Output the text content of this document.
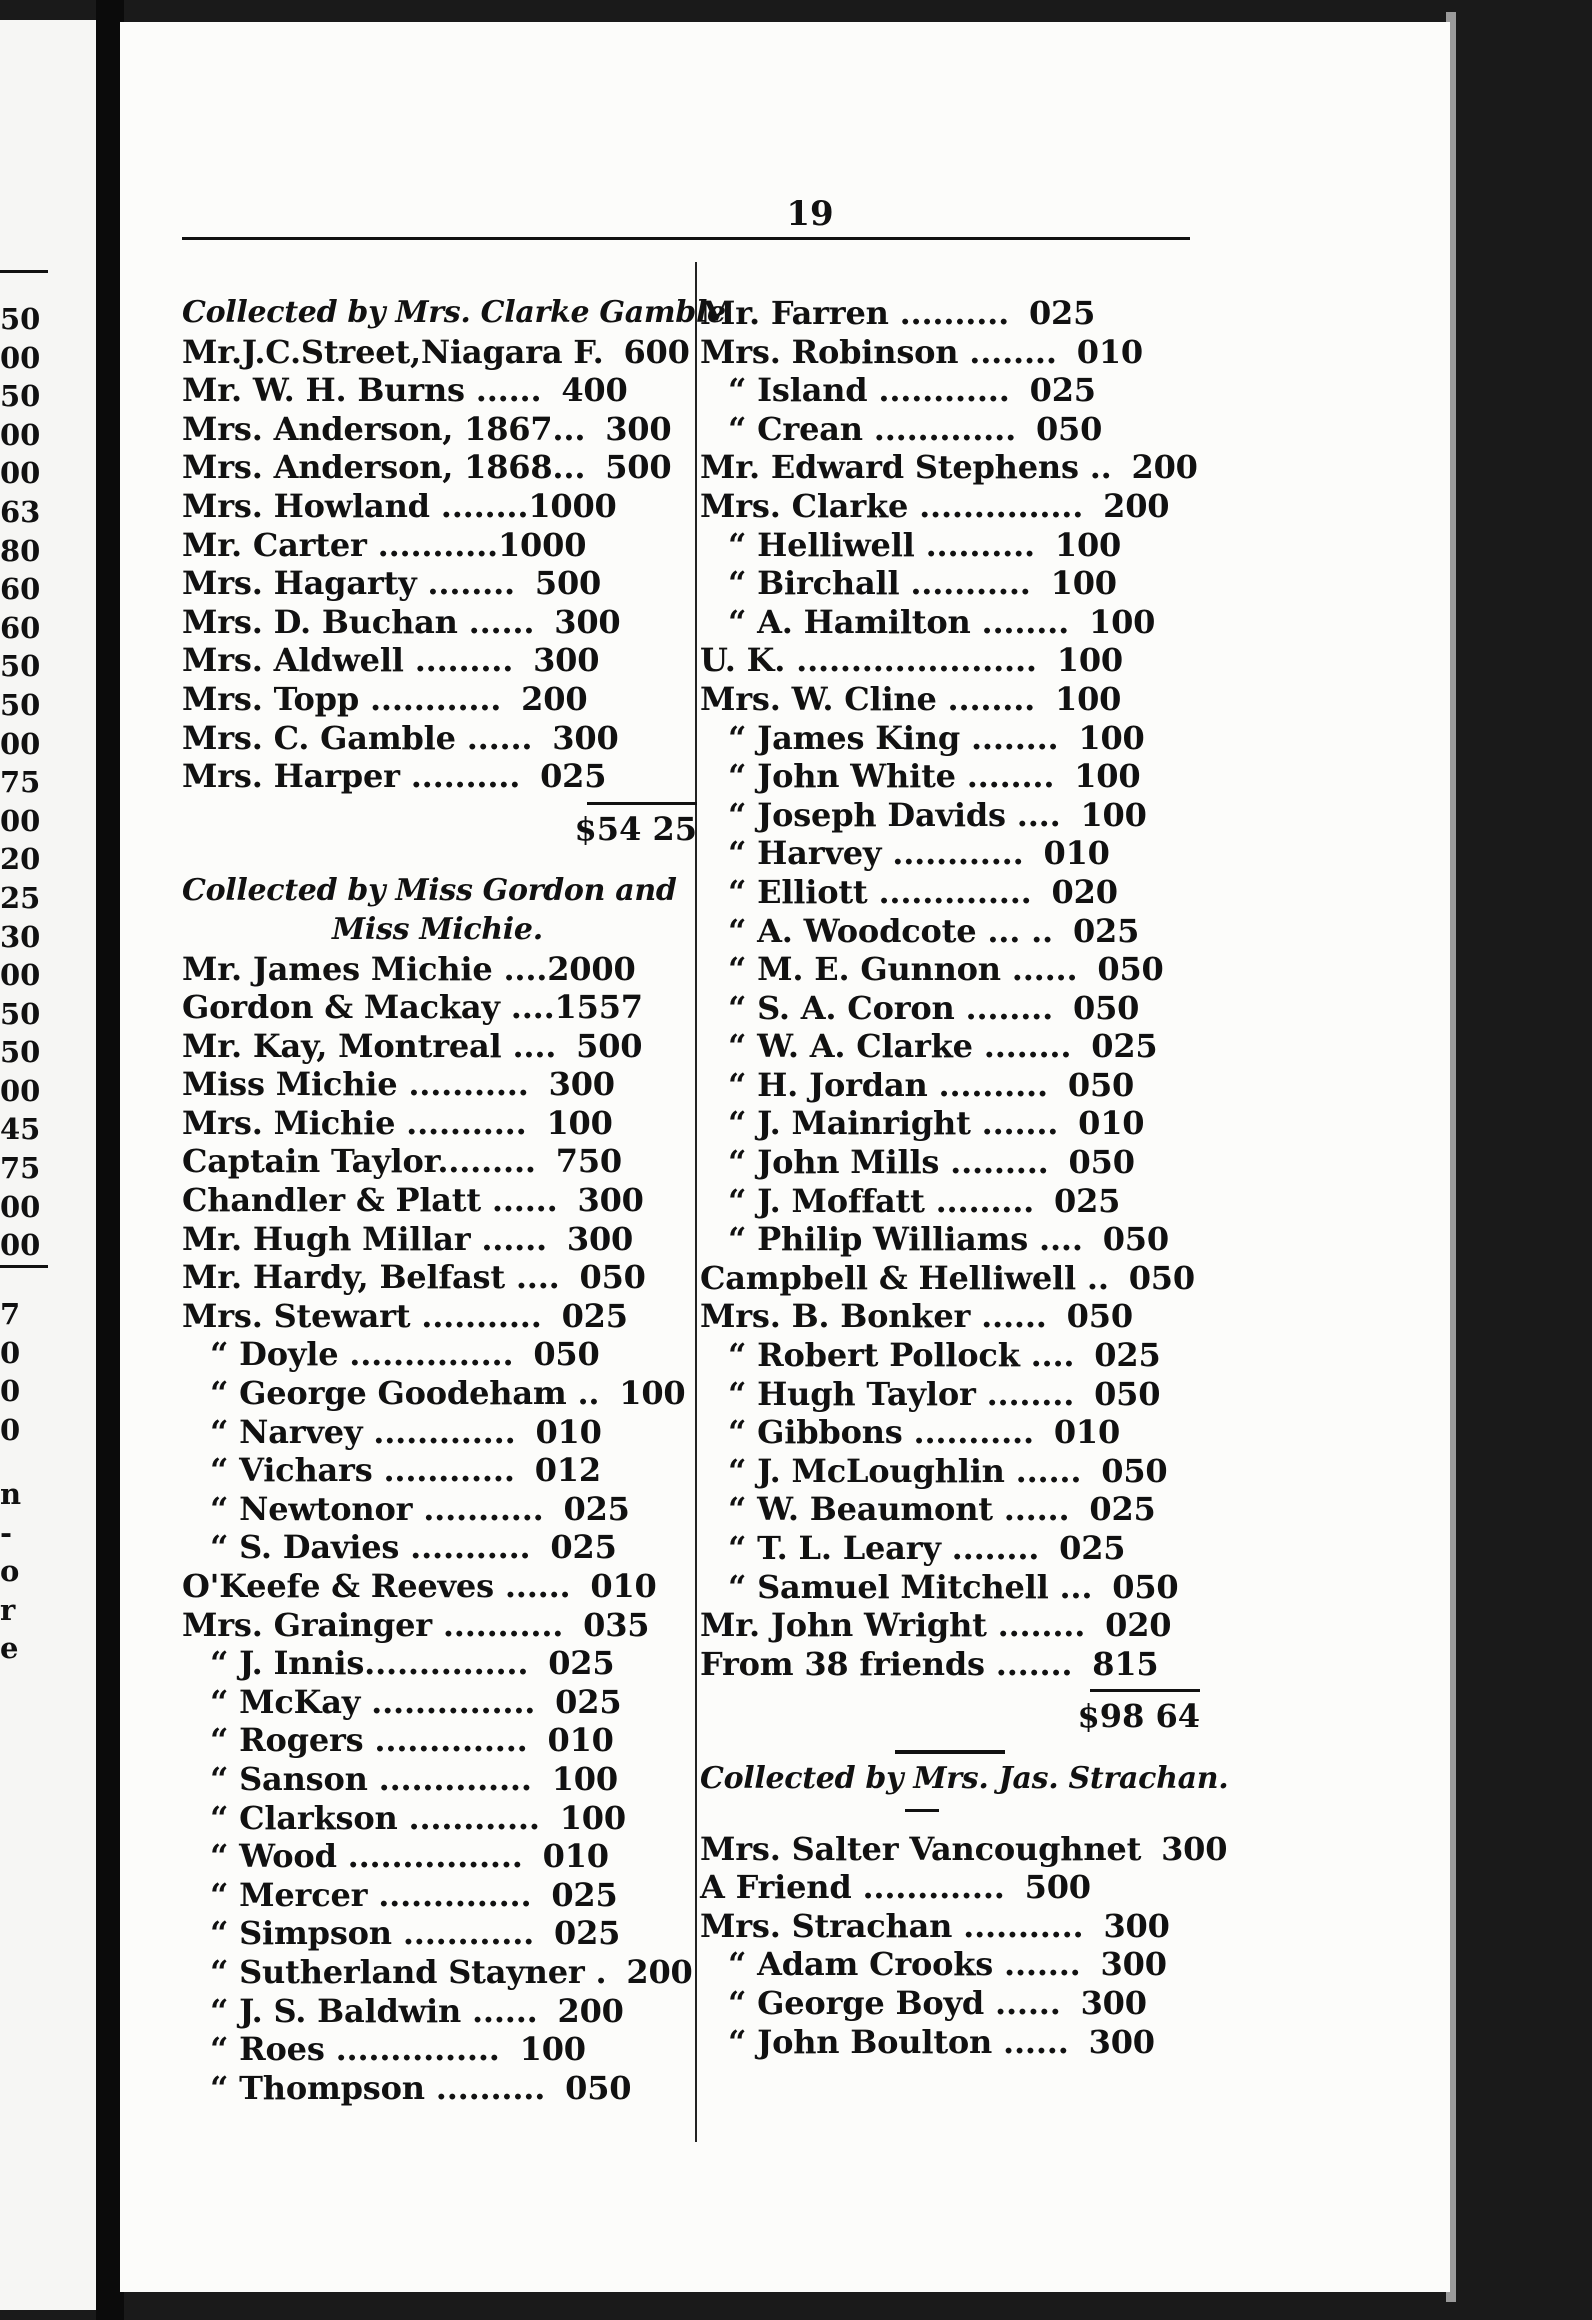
50
00
50
00
00
63
80
60
60
50
50
00
75
00
20
25
30
00
50
50
00
45
75
00
00
7
0
0
0
n
-
o
r
e
19
Collected by Mrs. Clarke Gamble
Mr.J.C.Street,Niagara F. 6 00
Mr. W. H. Burns ...... 4 00
Mrs. Anderson, 1867... 3 00
Mrs. Anderson, 1868... 5 00
Mrs. Howland ........ 10 00
Mr. Carter ........... 10 00
Mrs. Hagarty ........ 5 00
Mrs. D. Buchan ...... 3 00
Mrs. Aldwell ......... 3 00
Mrs. Topp ............ 2 00
Mrs. C. Gamble ...... 3 00
Mrs. Harper .......... 0 25
$54 25
Collected by Miss Gordon and
Miss Michie.
Mr. James Michie .... 20 00
Gordon & Mackay .... 15 57
Mr. Kay, Montreal .... 5 00
Miss Michie ........... 3 00
Mrs. Michie ........... 1 00
Captain Taylor......... 7 50
Chandler & Platt ...... 3 00
Mr. Hugh Millar ...... 3 00
Mr. Hardy, Belfast .... 0 50
Mrs. Stewart ........... 0 25
“ Doyle ............... 0 50
“ George Goodeham .. 1 00
“ Narvey ............. 0 10
“ Vichars ............ 0 12
“ Newtonor ........... 0 25
“ S. Davies ........... 0 25
O'Keefe & Reeves ...... 0 10
Mrs. Grainger ........... 0 35
“ J. Innis............... 0 25
“ McKay ............... 0 25
“ Rogers .............. 0 10
“ Sanson .............. 1 00
“ Clarkson ............ 1 00
“ Wood ................ 0 10
“ Mercer .............. 0 25
“ Simpson ............ 0 25
“ Sutherland Stayner . 2 00
“ J. S. Baldwin ...... 2 00
“ Roes ............... 1 00
“ Thompson .......... 0 50
Mr. Farren .......... 0 25
Mrs. Robinson ........ 0 10
“ Island ............ 0 25
“ Crean ............. 0 50
Mr. Edward Stephens .. 2 00
Mrs. Clarke ............... 2 00
“ Helliwell .......... 1 00
“ Birchall ........... 1 00
“ A. Hamilton ........ 1 00
U. K. ...................... 1 00
Mrs. W. Cline ........ 1 00
“ James King ........ 1 00
“ John White ........ 1 00
“ Joseph Davids .... 1 00
“ Harvey ............ 0 10
“ Elliott .............. 0 20
“ A. Woodcote ... .. 0 25
“ M. E. Gunnon ...... 0 50
“ S. A. Coron ........ 0 50
“ W. A. Clarke ........ 0 25
“ H. Jordan .......... 0 50
“ J. Mainright ....... 0 10
“ John Mills ......... 0 50
“ J. Moffatt ......... 0 25
“ Philip Williams .... 0 50
Campbell & Helliwell .. 0 50
Mrs. B. Bonker ...... 0 50
“ Robert Pollock .... 0 25
“ Hugh Taylor ........ 0 50
“ Gibbons ........... 0 10
“ J. McLoughlin ...... 0 50
“ W. Beaumont ...... 0 25
“ T. L. Leary ........ 0 25
“ Samuel Mitchell ... 0 50
Mr. John Wright ........ 0 20
From 38 friends ....... 8 15
$98 64
Collected by Mrs. Jas. Strachan.
Mrs. Salter Vancoughnet 3 00
A Friend ............. 5 00
Mrs. Strachan ........... 3 00
“ Adam Crooks ....... 3 00
“ George Boyd ...... 3 00
“ John Boulton ...... 3 00
